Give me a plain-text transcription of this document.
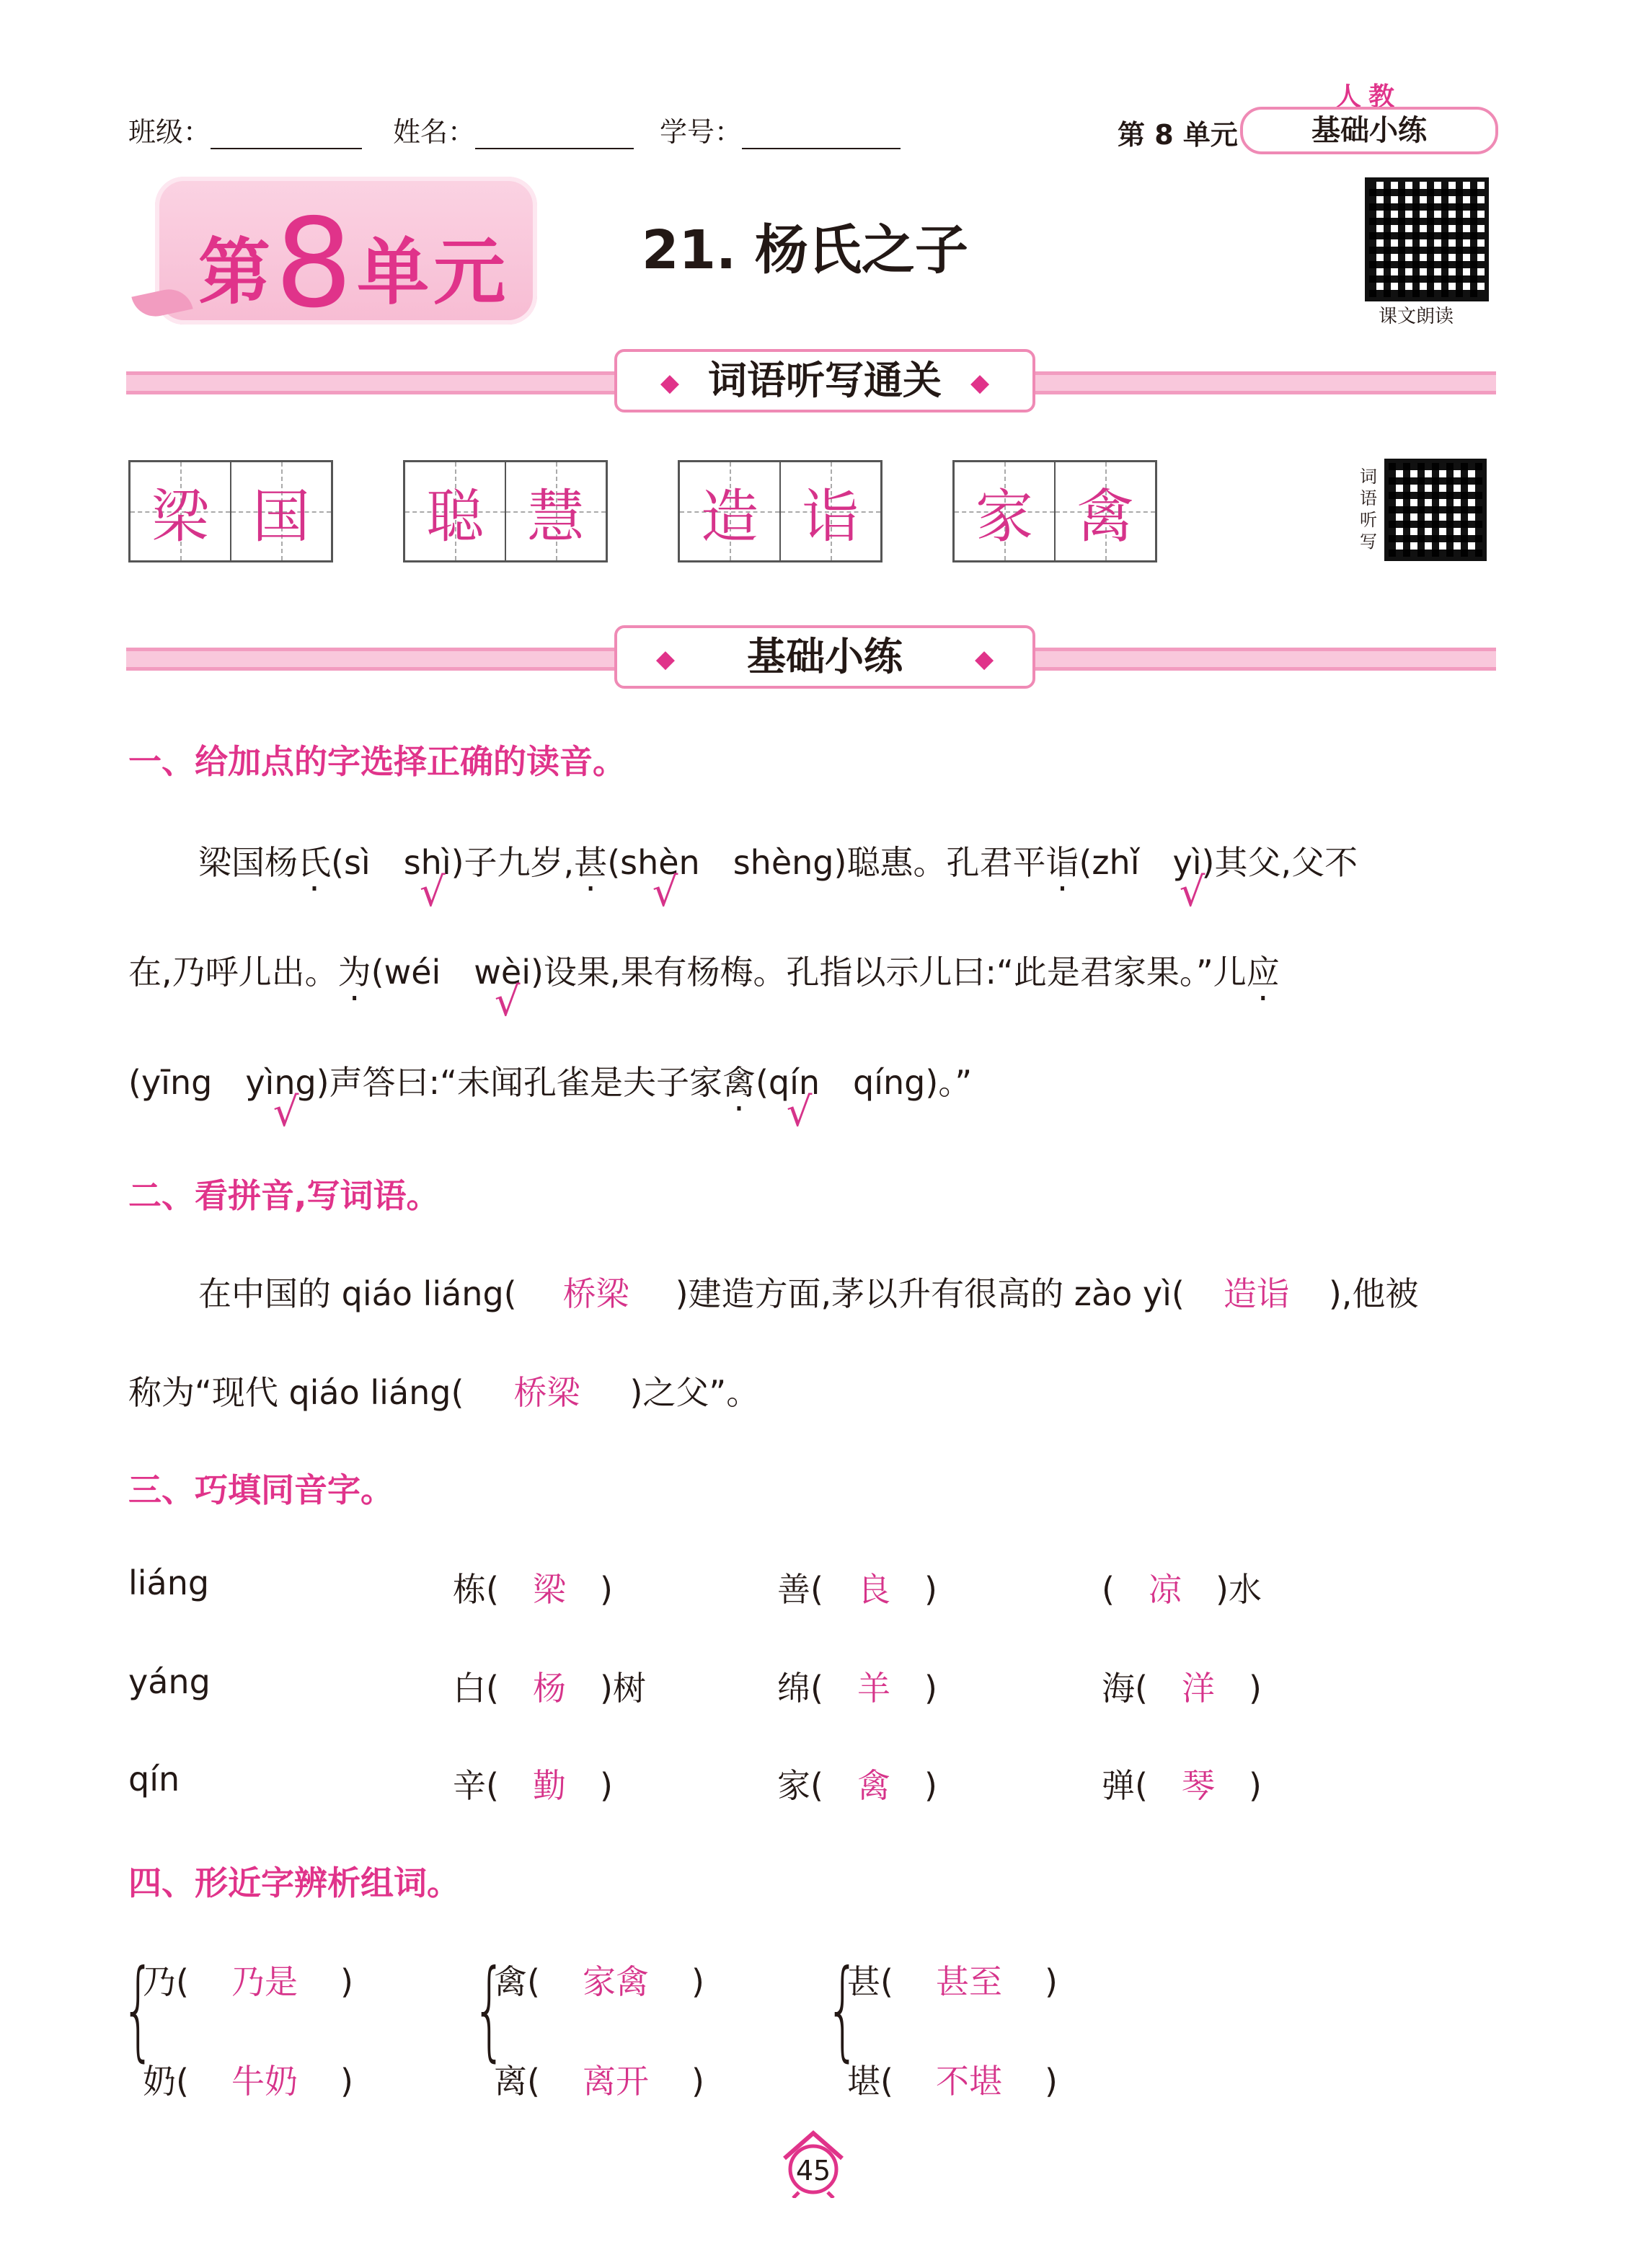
班级：	姓名：	学号：	第 8 单元
人教
基础小练
第8单元 21. 杨氏之子
课文朗读
词语听写
◆ 词语听写通关 ◆
梁 国 聪 慧 造 诣 家 禽
◆ 基础小练	◆
一、给加点的字选择正确的读音。
梁国杨氏(sì　shì
√
)子九岁,甚(shèn
√
　shèng)聪惠。孔君平诣(zhǐ　yì
√
)其父,父不
在,乃呼儿出。为(wéi　wèi
√
)设果,果有杨梅。孔指以示儿曰:“此是君家果。”儿应
(yīng　yìng
√
)声答曰:“未闻孔雀是夫子家禽(qín
√
　qíng)。”
二、看拼音,写词语。
在中国的 qiáo liáng( 桥梁 )建造方面,茅以升有很高的 zào yì( 造诣 ),他被
称为“现代 qiáo liáng( 桥梁 )之父”。
三、巧填同音字。
liáng	栋( 梁 )	善( 良 )	( 凉 )水
yáng	白( 杨 )树	绵( 羊 )	海( 洋 )
qín	辛( 勤 )	家( 禽 )	弹( 琴 )
四、形近字辨析组词。
{
乃( 乃是 )
奶( 牛奶 )
{
禽( 家禽 )
离( 离开 )
{
甚( 甚至 )
堪( 不堪 )
45
